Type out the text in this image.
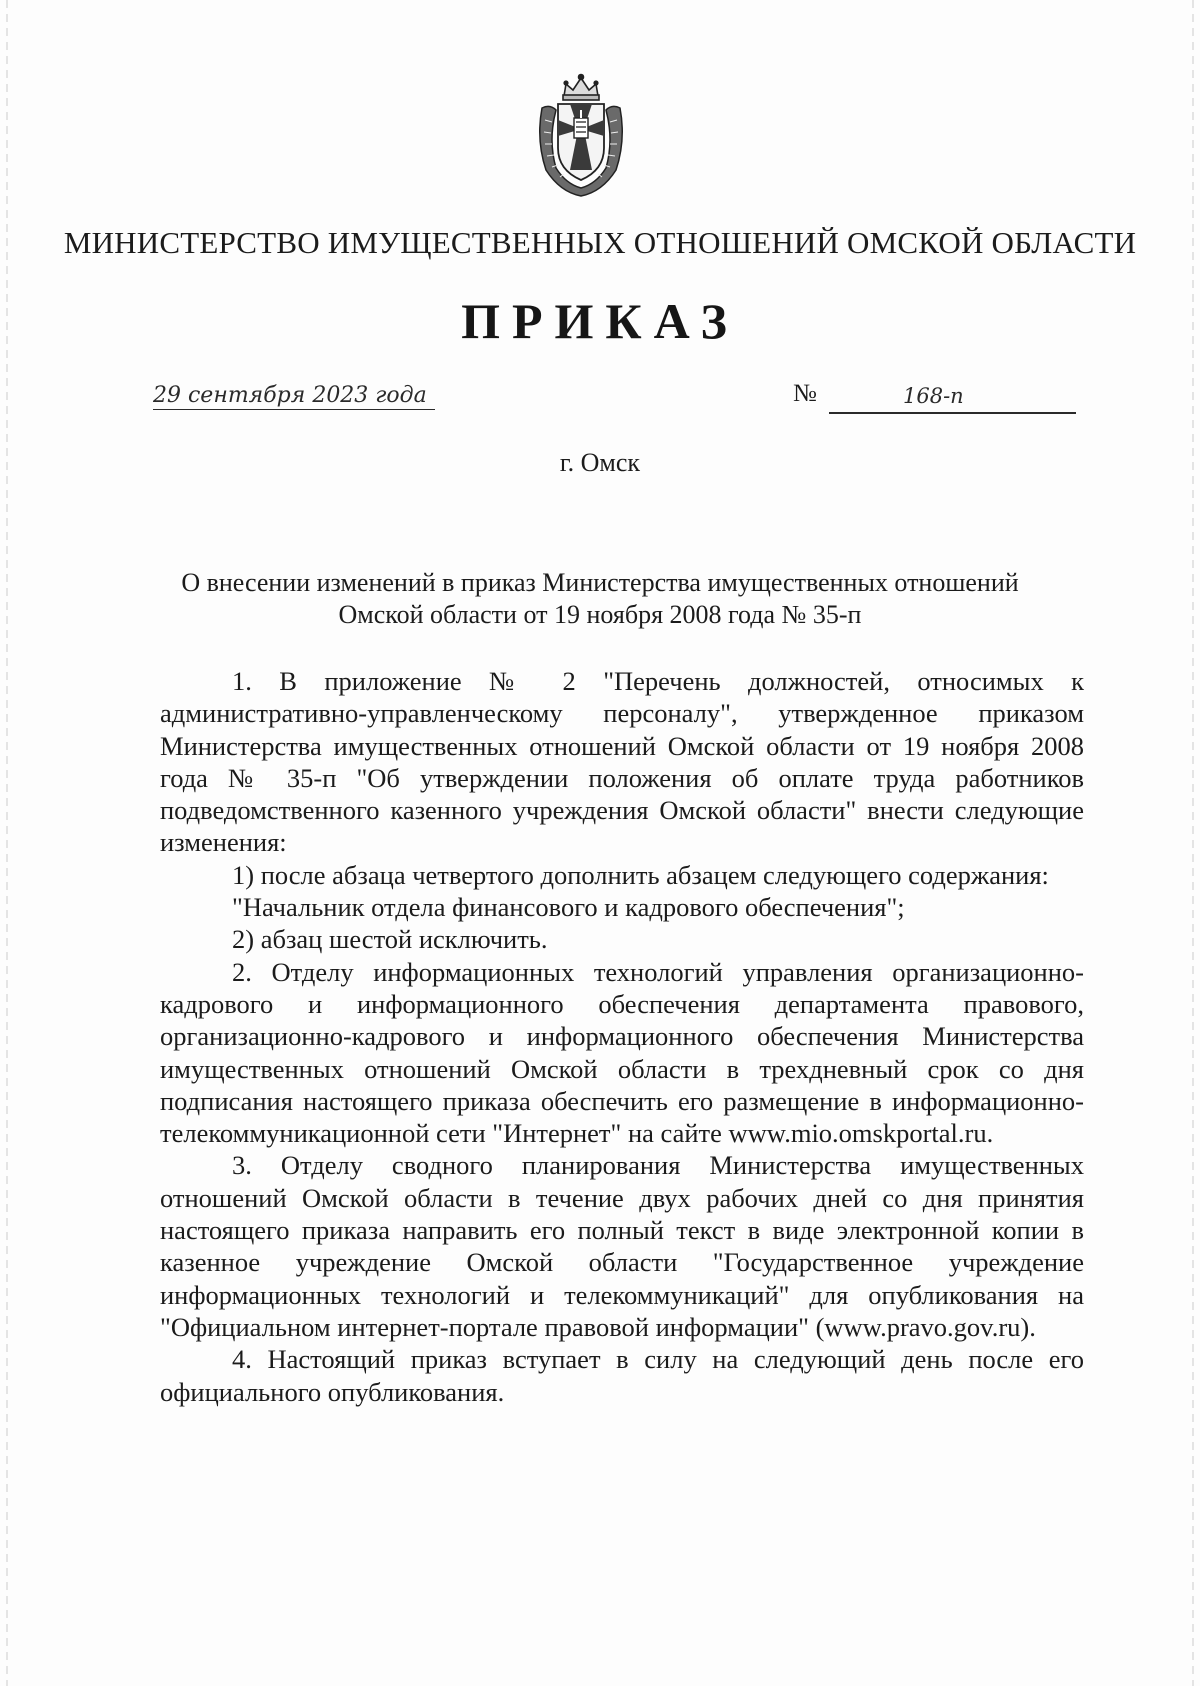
МИНИСТЕРСТВО ИМУЩЕСТВЕННЫХ ОТНОШЕНИЙ ОМСКОЙ ОБЛАСТИ
ПРИКАЗ
29 сентября 2023 года	№	168-п
г. Омск
О внесении изменений в приказ Министерства имущественных отношений Омской области от 19 ноября 2008 года № 35-п

1. В приложение № 2 "Перечень должностей, относимых к административно-управленческому персоналу", утвержденное приказом Министерства имущественных отношений Омской области от 19 ноября 2008 года № 35-п "Об утверждении положения об оплате труда работников подведомственного казенного учреждения Омской области" внести следующие изменения:

1) после абзаца четвертого дополнить абзацем следующего содержания:

"Начальник отдела финансового и кадрового обеспечения";

2) абзац шестой исключить.

2. Отделу информационных технологий управления организационно-кадрового и информационного обеспечения департамента правового, организационно-кадрового и информационного обеспечения Министерства имущественных отношений Омской области в трехдневный срок со дня подписания настоящего приказа обеспечить его размещение в информационно-телекоммуникационной сети "Интернет" на сайте www.mio.omskportal.ru.

3. Отделу сводного планирования Министерства имущественных отношений Омской области в течение двух рабочих дней со дня принятия настоящего приказа направить его полный текст в виде электронной копии в казенное учреждение Омской области "Государственное учреждение информационных технологий и телекоммуникаций" для опубликования на "Официальном интернет-портале правовой информации" (www.pravo.gov.ru).

4. Настоящий приказ вступает в силу на следующий день после его официального опубликования.
